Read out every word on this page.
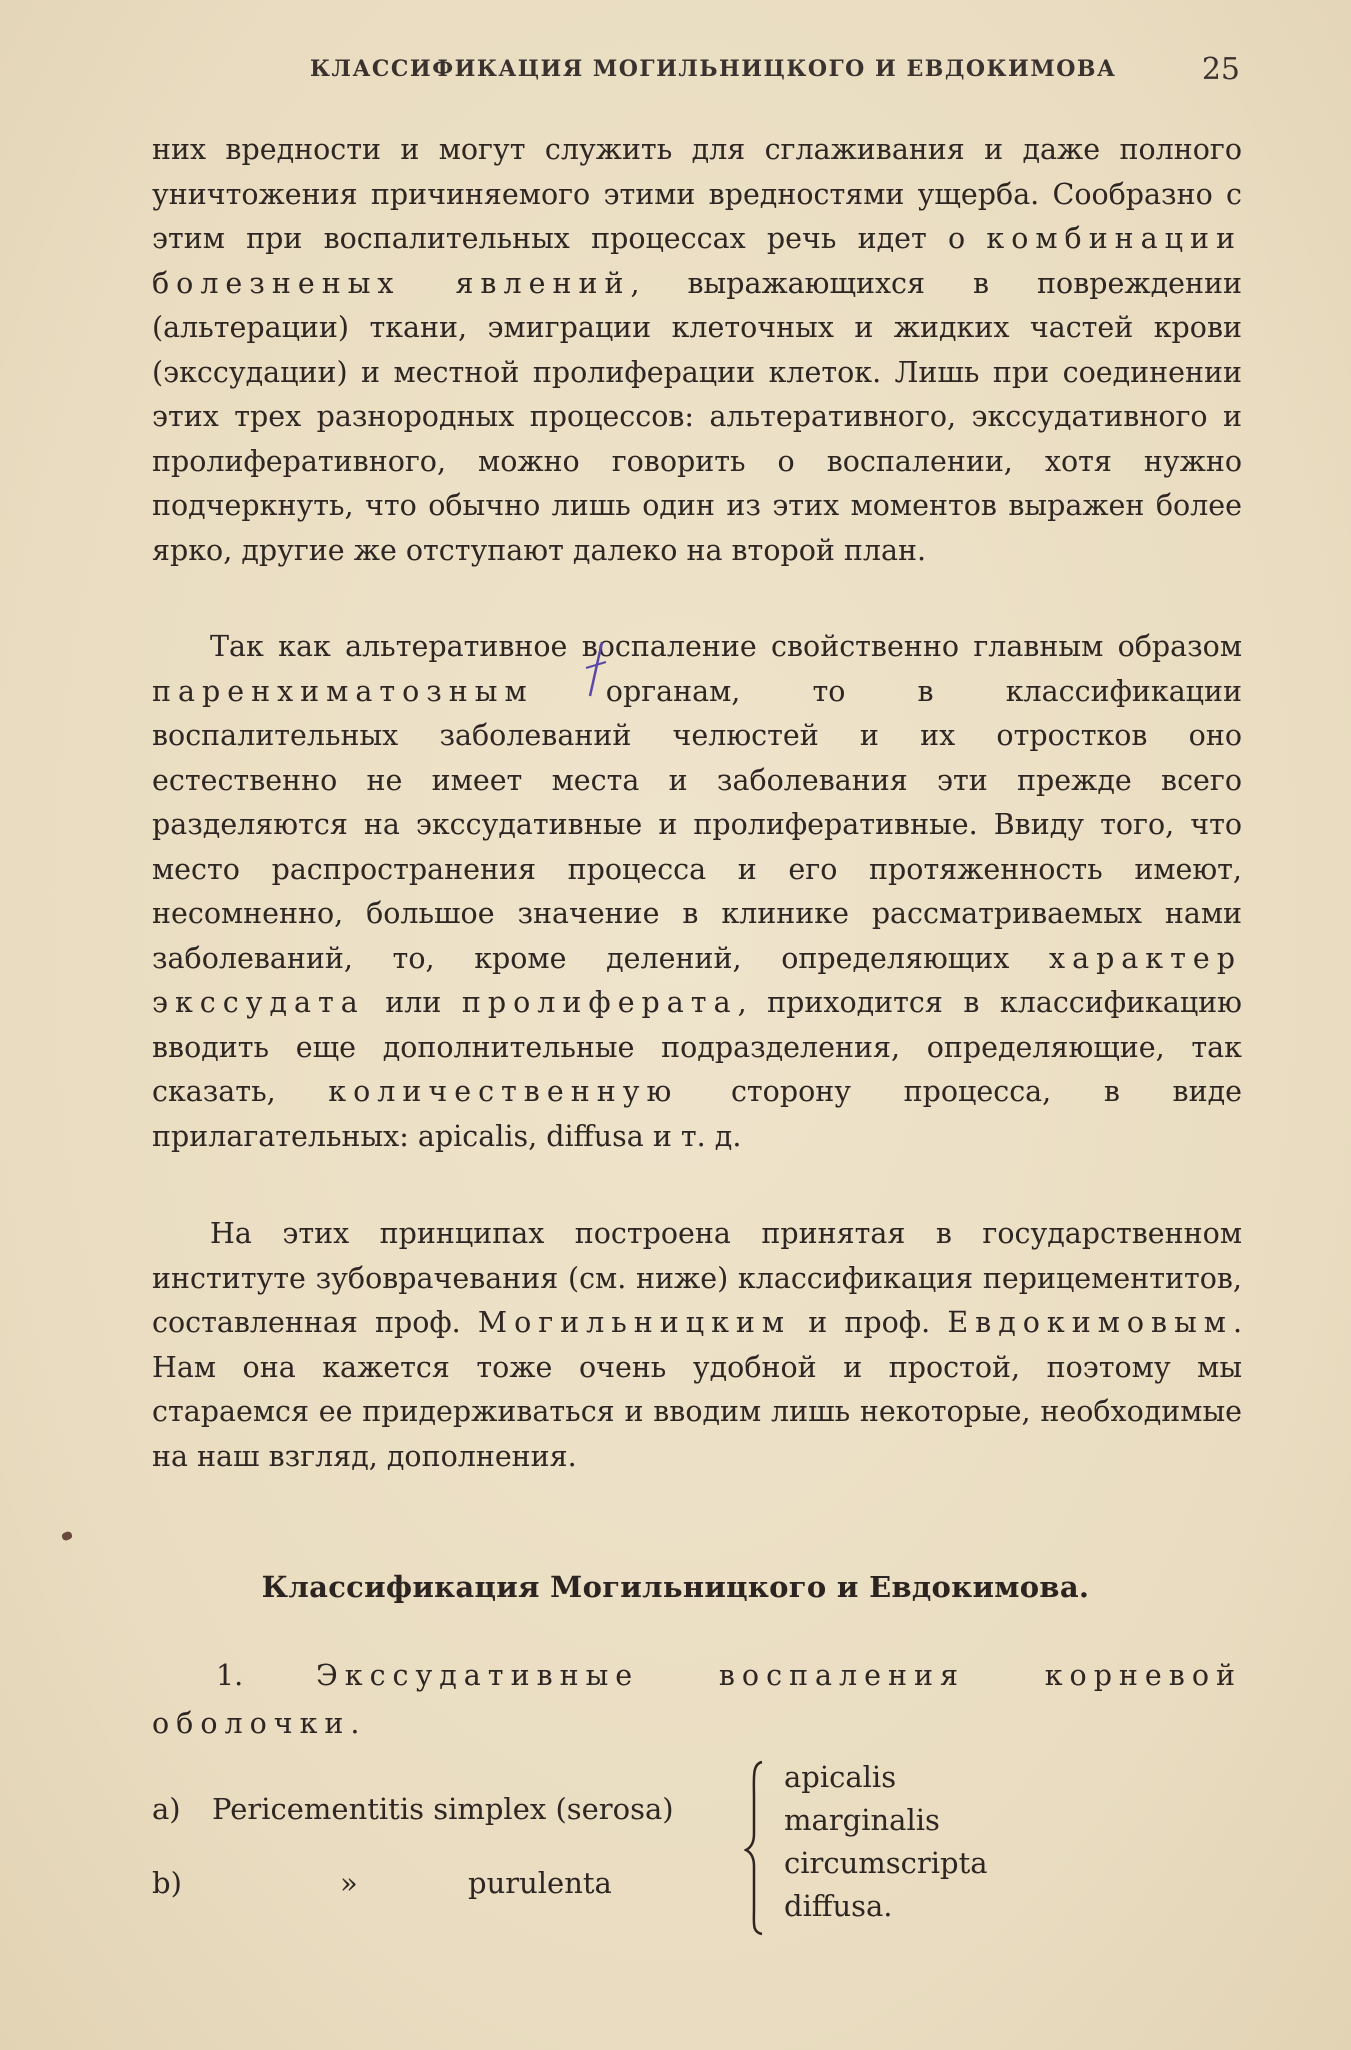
КЛАССИФИКАЦИЯ МОГИЛЬНИЦКОГО И ЕВДОКИМОВА	25

них вредности и могут служить для сглаживания и даже полного уничтожения причиняемого этими вредностями ущерба. Сообразно с этим при воспалительных процессах речь идет о комбинации болезненых явлений, выражающихся в повреждении (альтерации) ткани, эмиграции клеточных и жидких частей крови (экссудации) и местной пролиферации клеток. Лишь при соединении этих трех разнородных процессов: альтеративного, экссудативного и пролиферативного, можно говорить о воспалении, хотя нужно подчеркнуть, что обычно лишь один из этих моментов выражен более ярко, другие же отступают далеко на второй план.

Так как альтеративное воспаление свойственно главным образом паренхиматозным органам, то в классификации воспалительных заболеваний челюстей и их отростков оно естественно не имеет места и заболевания эти прежде всего разделяются на экссудативные и пролиферативные. Ввиду того, что место распространения процесса и его протяженность имеют, несомненно, большое значение в клинике рассматриваемых нами заболеваний, то, кроме делений, определяющих характер экссудата или пролиферата, приходится в классификацию вводить еще дополнительные подразделения, определяющие, так сказать, количественную сторону процесса, в виде прилагательных: apicalis, diffusa и т. д.

На этих принципах построена принятая в государственном институте зубоврачевания (см. ниже) классификация перицементитов, составленная проф. Могильницким и проф. Евдокимовым. Нам она кажется тоже очень удобной и простой, поэтому мы стараемся ее придерживаться и вводим лишь некоторые, необходимые на наш взгляд, дополнения.

Классификация Могильницкого и Евдокимова.
1.	Экссудативные воспаления корневой оболочки.
a) Pericementitis simplex (serosa)
b)	»	purulenta
apicalis
marginalis
circumscripta
diffusa.
